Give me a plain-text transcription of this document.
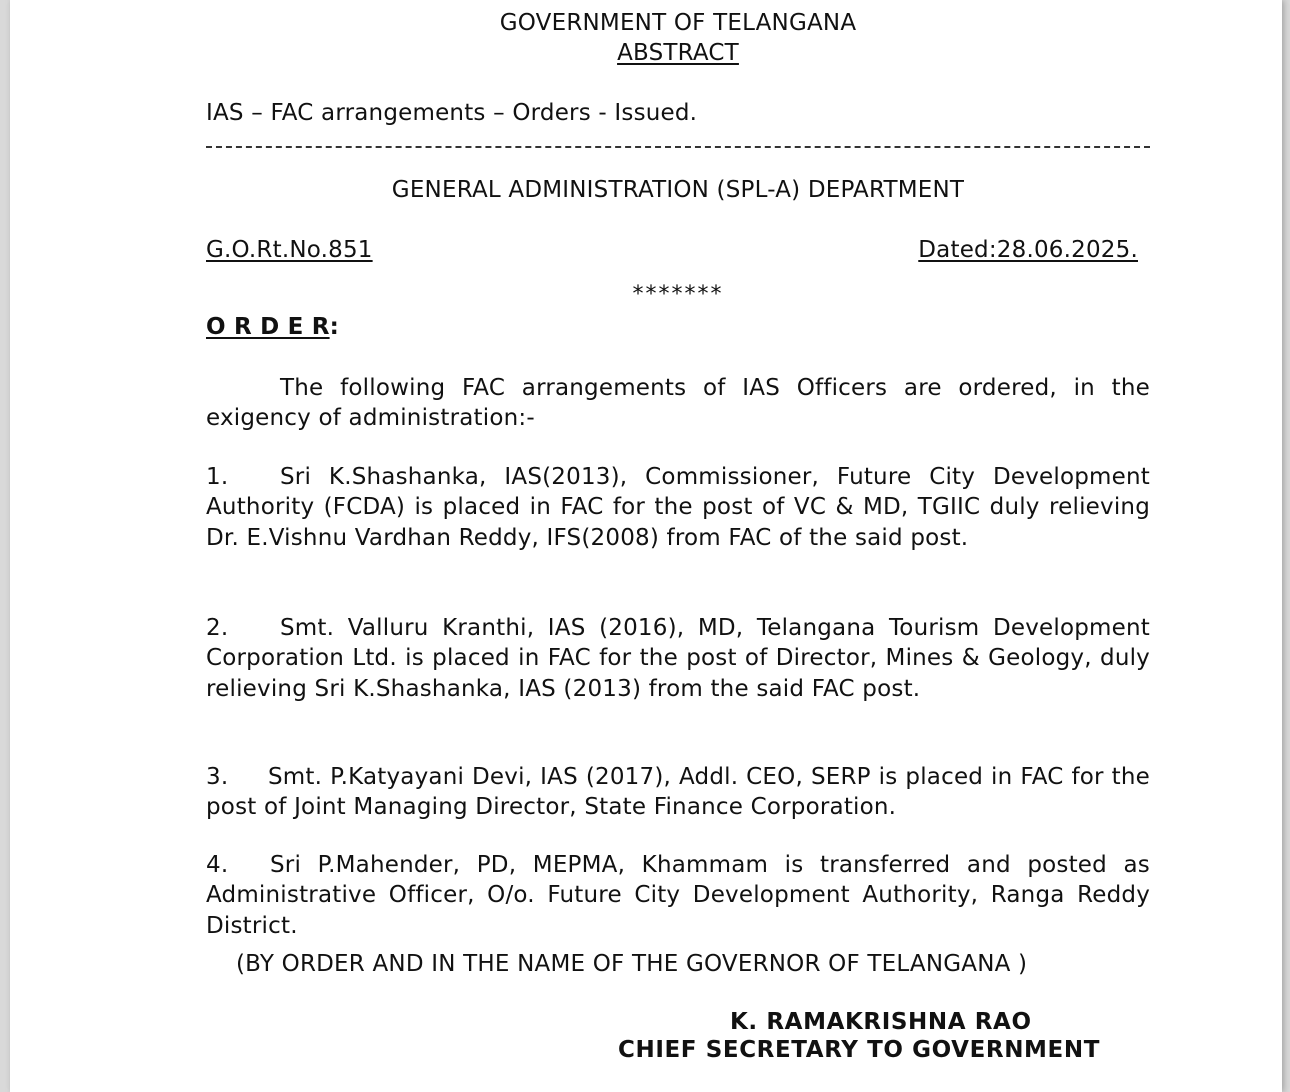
GOVERNMENT OF TELANGANA
ABSTRACT
IAS – FAC arrangements – Orders - Issued.
GENERAL ADMINISTRATION (SPL-A) DEPARTMENT
G.O.Rt.No.851	Dated:28.06.2025.
*******
O R D E R:
The following FAC arrangements of IAS Officers are ordered, in the exigency of administration:-
1. Sri K.Shashanka, IAS(2013), Commissioner, Future City Development Authority (FCDA) is placed in FAC for the post of VC & MD, TGIIC duly relieving Dr. E.Vishnu Vardhan Reddy, IFS(2008) from FAC of the said post.
2. Smt. Valluru Kranthi, IAS (2016), MD, Telangana Tourism Development Corporation Ltd. is placed in FAC for the post of Director, Mines & Geology, duly relieving Sri K.Shashanka, IAS (2013) from the said FAC post.
3. Smt. P.Katyayani Devi, IAS (2017), Addl. CEO, SERP is placed in FAC for the post of Joint Managing Director, State Finance Corporation.
4. Sri P.Mahender, PD, MEPMA, Khammam is transferred and posted as Administrative Officer, O/o. Future City Development Authority, Ranga Reddy District.
(BY ORDER AND IN THE NAME OF THE GOVERNOR OF TELANGANA )
K. RAMAKRISHNA RAO
CHIEF SECRETARY TO GOVERNMENT
